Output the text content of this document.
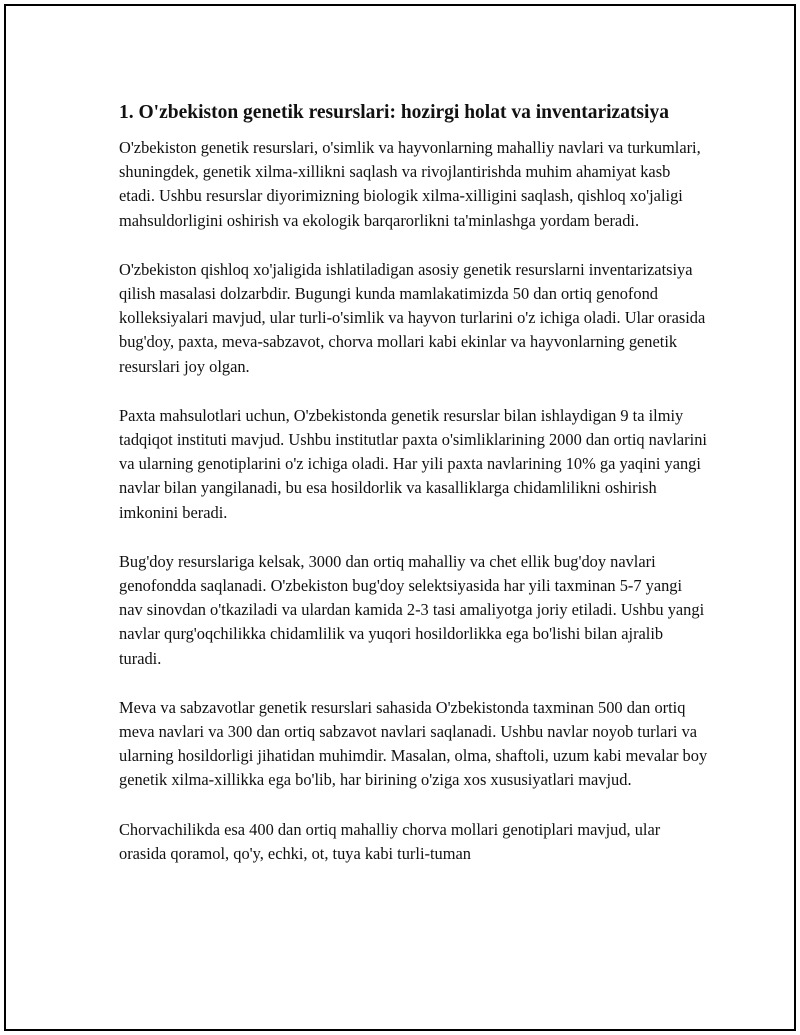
1. O'zbekiston genetik resurslari: hozirgi holat va inventarizatsiya

O'zbekiston genetik resurslari, o'simlik va hayvonlarning mahalliy navlari va turkumlari, shuningdek, genetik xilma-xillikni saqlash va rivojlantirishda muhim ahamiyat kasb etadi. Ushbu resurslar diyorimizning biologik xilma-xilligini saqlash, qishloq xo'jaligi mahsuldorligini oshirish va ekologik barqarorlikni ta'minlashga yordam beradi.

O'zbekiston qishloq xo'jaligida ishlatiladigan asosiy genetik resurslarni inventarizatsiya qilish masalasi dolzarbdir. Bugungi kunda mamlakatimizda 50 dan ortiq genofond kolleksiyalari mavjud, ular turli-o'simlik va hayvon turlarini o'z ichiga oladi. Ular orasida bug'doy, paxta, meva-sabzavot, chorva mollari kabi ekinlar va hayvonlarning genetik resurslari joy olgan.

Paxta mahsulotlari uchun, O'zbekistonda genetik resurslar bilan ishlaydigan 9 ta ilmiy tadqiqot instituti mavjud. Ushbu institutlar paxta o'simliklarining 2000 dan ortiq navlarini va ularning genotiplarini o'z ichiga oladi. Har yili paxta navlarining 10% ga yaqini yangi navlar bilan yangilanadi, bu esa hosildorlik va kasalliklarga chidamlilikni oshirish imkonini beradi.

Bug'doy resurslariga kelsak, 3000 dan ortiq mahalliy va chet ellik bug'doy navlari genofondda saqlanadi. O'zbekiston bug'doy selektsiyasida har yili taxminan 5-7 yangi nav sinovdan o'tkaziladi va ulardan kamida 2-3 tasi amaliyotga joriy etiladi. Ushbu yangi navlar qurg'oqchilikka chidamlilik va yuqori hosildorlikka ega bo'lishi bilan ajralib turadi.

Meva va sabzavotlar genetik resurslari sahasida O'zbekistonda taxminan 500 dan ortiq meva navlari va 300 dan ortiq sabzavot navlari saqlanadi. Ushbu navlar noyob turlari va ularning hosildorligi jihatidan muhimdir. Masalan, olma, shaftoli, uzum kabi mevalar boy genetik xilma-xillikka ega bo'lib, har birining o'ziga xos xususiyatlari mavjud.

Chorvachilikda esa 400 dan ortiq mahalliy chorva mollari genotiplari mavjud, ular orasida qoramol, qo'y, echki, ot, tuya kabi turli-tuman
